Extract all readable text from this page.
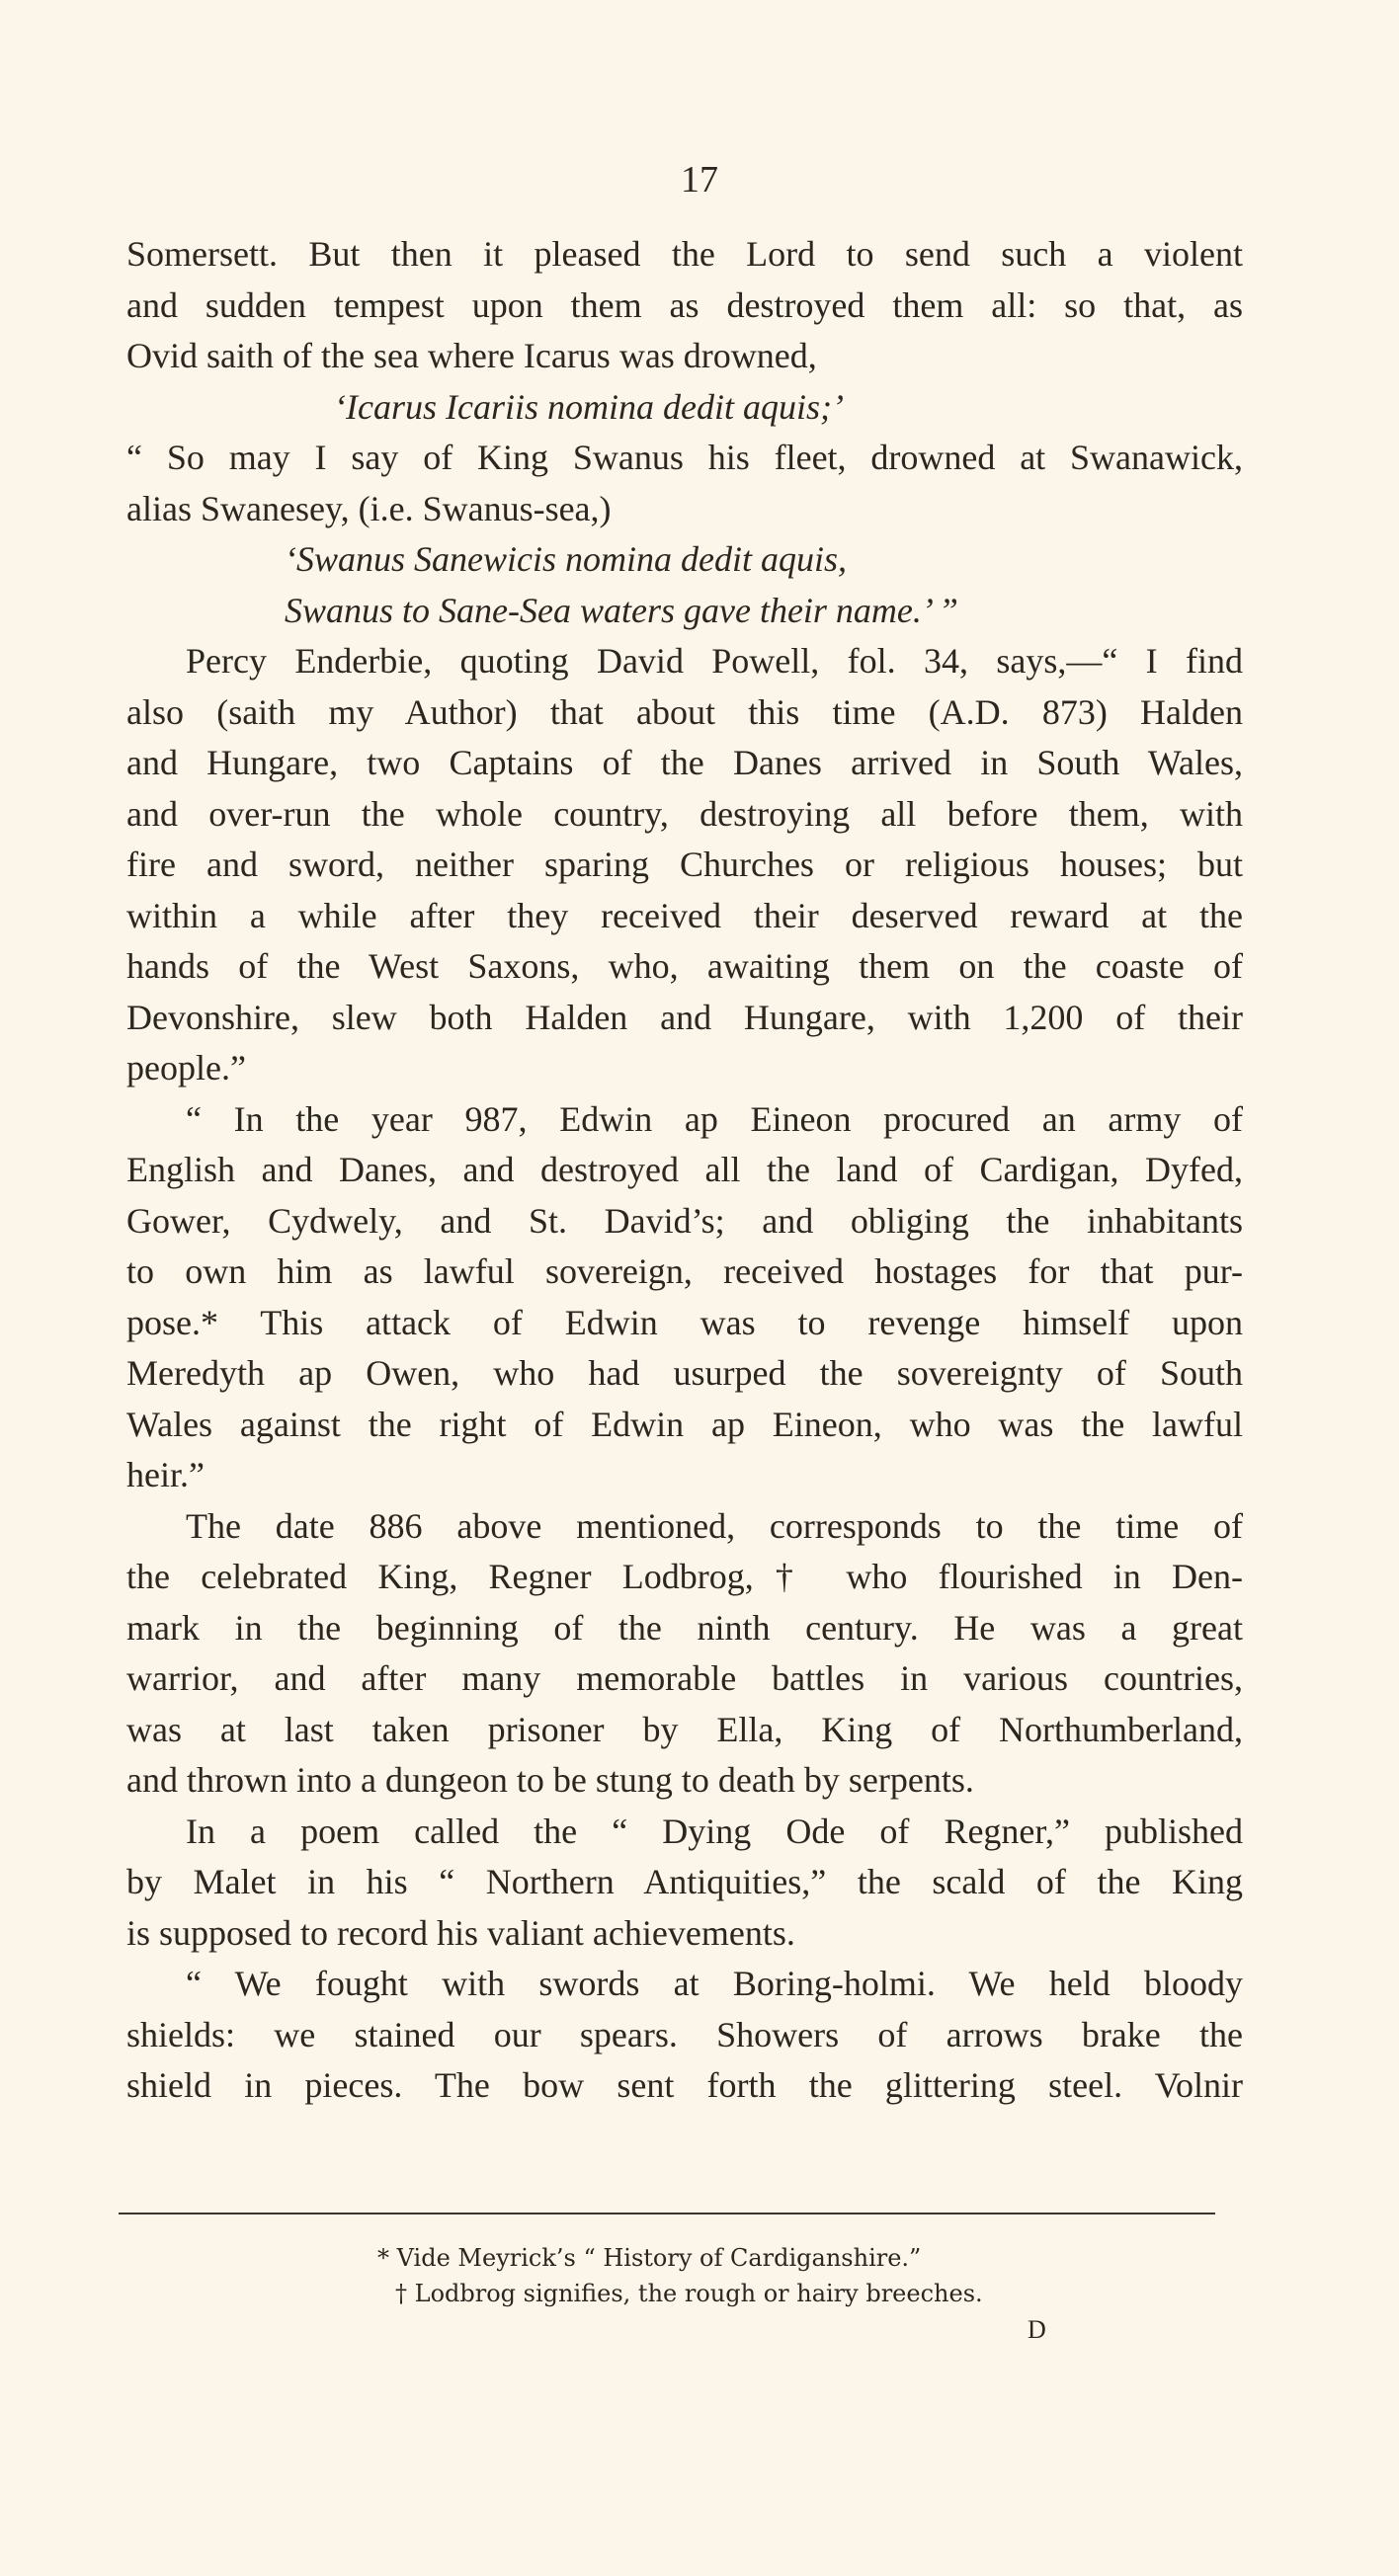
17
Somersett. But then it pleased the Lord to send such a violent
and sudden tempest upon them as destroyed them all: so that, as
Ovid saith of the sea where Icarus was drowned,
‘Icarus Icariis nomina dedit aquis;’
“ So may I say of King Swanus his fleet, drowned at Swanawick,
alias Swanesey, (i.e. Swanus-sea,)
‘Swanus Sanewicis nomina dedit aquis,
Swanus to Sane-Sea waters gave their name.’ ”
Percy Enderbie, quoting David Powell, fol. 34, says,—“ I find
also (saith my Author) that about this time (A.D. 873) Halden
and Hungare, two Captains of the Danes arrived in South Wales,
and over-run the whole country, destroying all before them, with
fire and sword, neither sparing Churches or religious houses; but
within a while after they received their deserved reward at the
hands of the West Saxons, who, awaiting them on the coaste of
Devonshire, slew both Halden and Hungare, with 1,200 of their
people.”
“ In the year 987, Edwin ap Eineon procured an army of
English and Danes, and destroyed all the land of Cardigan, Dyfed,
Gower, Cydwely, and St. David’s; and obliging the inhabitants
to own him as lawful sovereign, received hostages for that pur-
pose.* This attack of Edwin was to revenge himself upon
Meredyth ap Owen, who had usurped the sovereignty of South
Wales against the right of Edwin ap Eineon, who was the lawful
heir.”
The date 886 above mentioned, corresponds to the time of
the celebrated King, Regner Lodbrog,† who flourished in Den-
mark in the beginning of the ninth century. He was a great
warrior, and after many memorable battles in various countries,
was at last taken prisoner by Ella, King of Northumberland,
and thrown into a dungeon to be stung to death by serpents.
In a poem called the “ Dying Ode of Regner,” published
by Malet in his “ Northern Antiquities,” the scald of the King
is supposed to record his valiant achievements.
“ We fought with swords at Boring-holmi. We held bloody
shields: we stained our spears. Showers of arrows brake the
shield in pieces. The bow sent forth the glittering steel. Volnir
* Vide Meyrick’s “ History of Cardiganshire.”
† Lodbrog signifies, the rough or hairy breeches.
D
